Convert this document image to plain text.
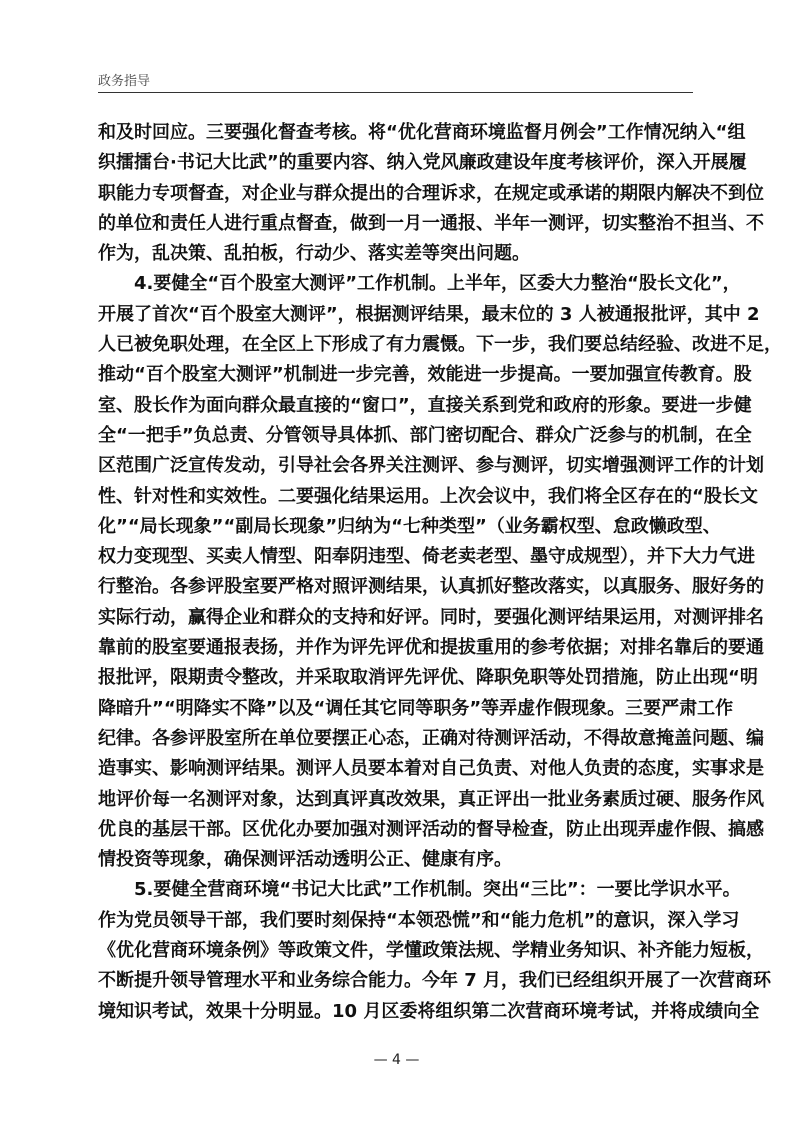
政务指导
和及时回应。三要强化督查考核。将“优化营商环境监督月例会”工作情况纳入“组
织擂擂台·书记大比武”的重要内容、纳入党风廉政建设年度考核评价，深入开展履
职能力专项督查，对企业与群众提出的合理诉求，在规定或承诺的期限内解决不到位
的单位和责任人进行重点督查，做到一月一通报、半年一测评，切实整治不担当、不
作为，乱决策、乱拍板，行动少、落实差等突出问题。
4.要健全“百个股室大测评”工作机制。上半年，区委大力整治“股长文化”，
开展了首次“百个股室大测评”，根据测评结果，最末位的 3 人被通报批评，其中 2
人已被免职处理，在全区上下形成了有力震慑。下一步，我们要总结经验、改进不足，
推动“百个股室大测评”机制进一步完善，效能进一步提高。一要加强宣传教育。股
室、股长作为面向群众最直接的“窗口”，直接关系到党和政府的形象。要进一步健
全“一把手”负总责、分管领导具体抓、部门密切配合、群众广泛参与的机制，在全
区范围广泛宣传发动，引导社会各界关注测评、参与测评，切实增强测评工作的计划
性、针对性和实效性。二要强化结果运用。上次会议中，我们将全区存在的“股长文
化”“局长现象”“副局长现象”归纳为“七种类型”（业务霸权型、怠政懒政型、
权力变现型、买卖人情型、阳奉阴违型、倚老卖老型、墨守成规型），并下大力气进
行整治。各参评股室要严格对照评测结果，认真抓好整改落实，以真服务、服好务的
实际行动，赢得企业和群众的支持和好评。同时，要强化测评结果运用，对测评排名
靠前的股室要通报表扬，并作为评先评优和提拔重用的参考依据；对排名靠后的要通
报批评，限期责令整改，并采取取消评先评优、降职免职等处罚措施，防止出现“明
降暗升”“明降实不降”以及“调任其它同等职务”等弄虚作假现象。三要严肃工作
纪律。各参评股室所在单位要摆正心态，正确对待测评活动，不得故意掩盖问题、编
造事实、影响测评结果。测评人员要本着对自己负责、对他人负责的态度，实事求是
地评价每一名测评对象，达到真评真改效果，真正评出一批业务素质过硬、服务作风
优良的基层干部。区优化办要加强对测评活动的督导检查，防止出现弄虚作假、搞感
情投资等现象，确保测评活动透明公正、健康有序。
5.要健全营商环境“书记大比武”工作机制。突出“三比”：一要比学识水平。
作为党员领导干部，我们要时刻保持“本领恐慌”和“能力危机”的意识，深入学习
《优化营商环境条例》等政策文件，学懂政策法规、学精业务知识、补齐能力短板，
不断提升领导管理水平和业务综合能力。今年 7 月，我们已经组织开展了一次营商环
境知识考试，效果十分明显。10 月区委将组织第二次营商环境考试，并将成绩向全
— 4 —
